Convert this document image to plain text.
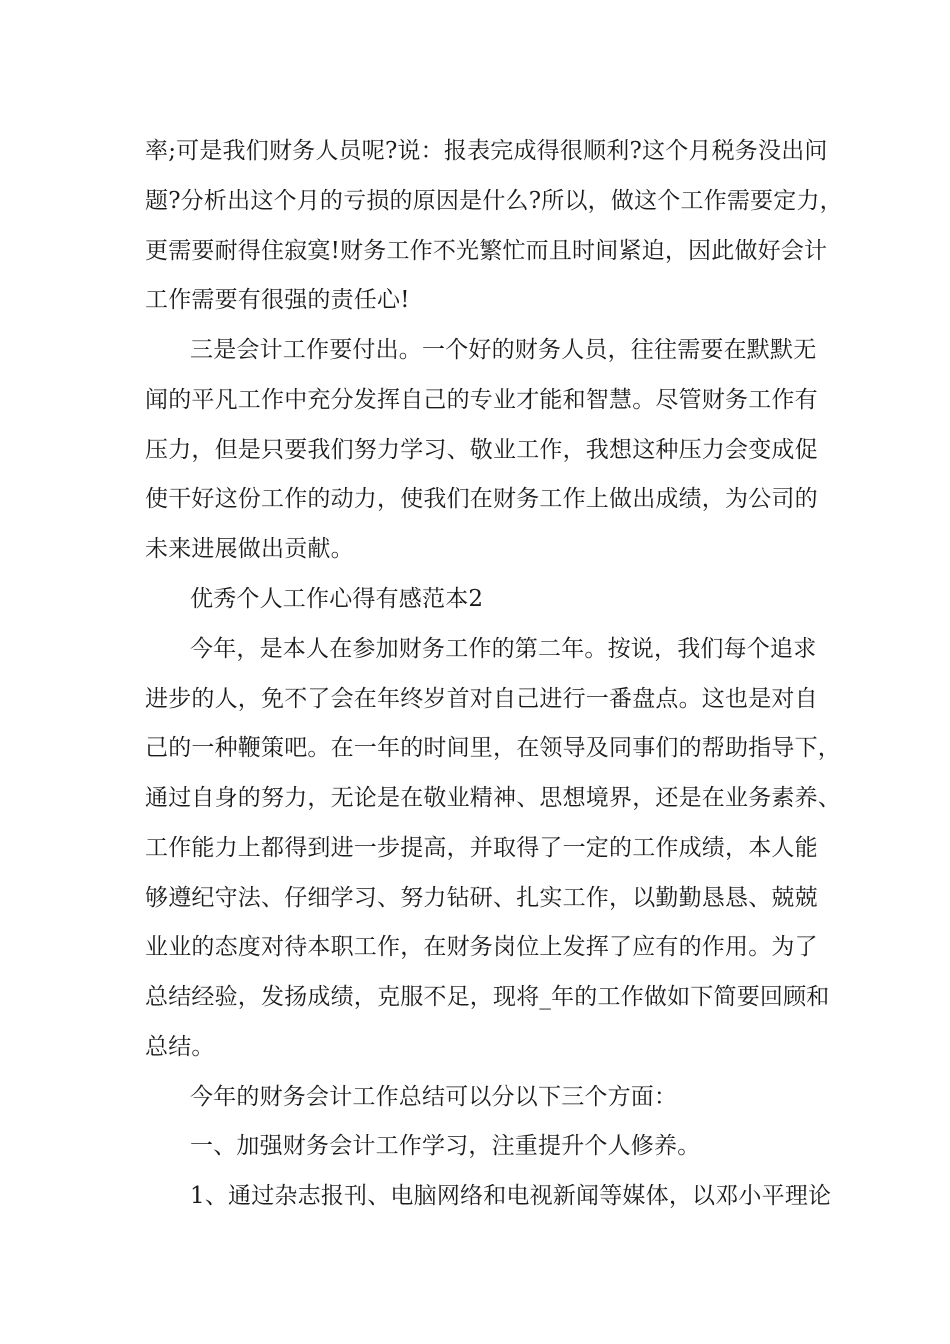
率;可是我们财务人员呢?说：报表完成得很顺利?这个月税务没出问

题?分析出这个月的亏损的原因是什么?所以，做这个工作需要定力，

更需要耐得住寂寞!财务工作不光繁忙而且时间紧迫，因此做好会计

工作需要有很强的责任心!

三是会计工作要付出。一个好的财务人员，往往需要在默默无

闻的平凡工作中充分发挥自己的专业才能和智慧。尽管财务工作有

压力，但是只要我们努力学习、敬业工作，我想这种压力会变成促

使干好这份工作的动力，使我们在财务工作上做出成绩，为公司的

未来进展做出贡献。

优秀个人工作心得有感范本2

今年，是本人在参加财务工作的第二年。按说，我们每个追求

进步的人，免不了会在年终岁首对自己进行一番盘点。这也是对自

己的一种鞭策吧。在一年的时间里，在领导及同事们的帮助指导下，

通过自身的努力，无论是在敬业精神、思想境界，还是在业务素养、

工作能力上都得到进一步提高，并取得了一定的工作成绩，本人能

够遵纪守法、仔细学习、努力钻研、扎实工作，以勤勤恳恳、兢兢

业业的态度对待本职工作，在财务岗位上发挥了应有的作用。为了

总结经验，发扬成绩，克服不足，现将_年的工作做如下简要回顾和

总结。

今年的财务会计工作总结可以分以下三个方面：

一、加强财务会计工作学习，注重提升个人修养。

1、通过杂志报刊、电脑网络和电视新闻等媒体，以邓小平理论
